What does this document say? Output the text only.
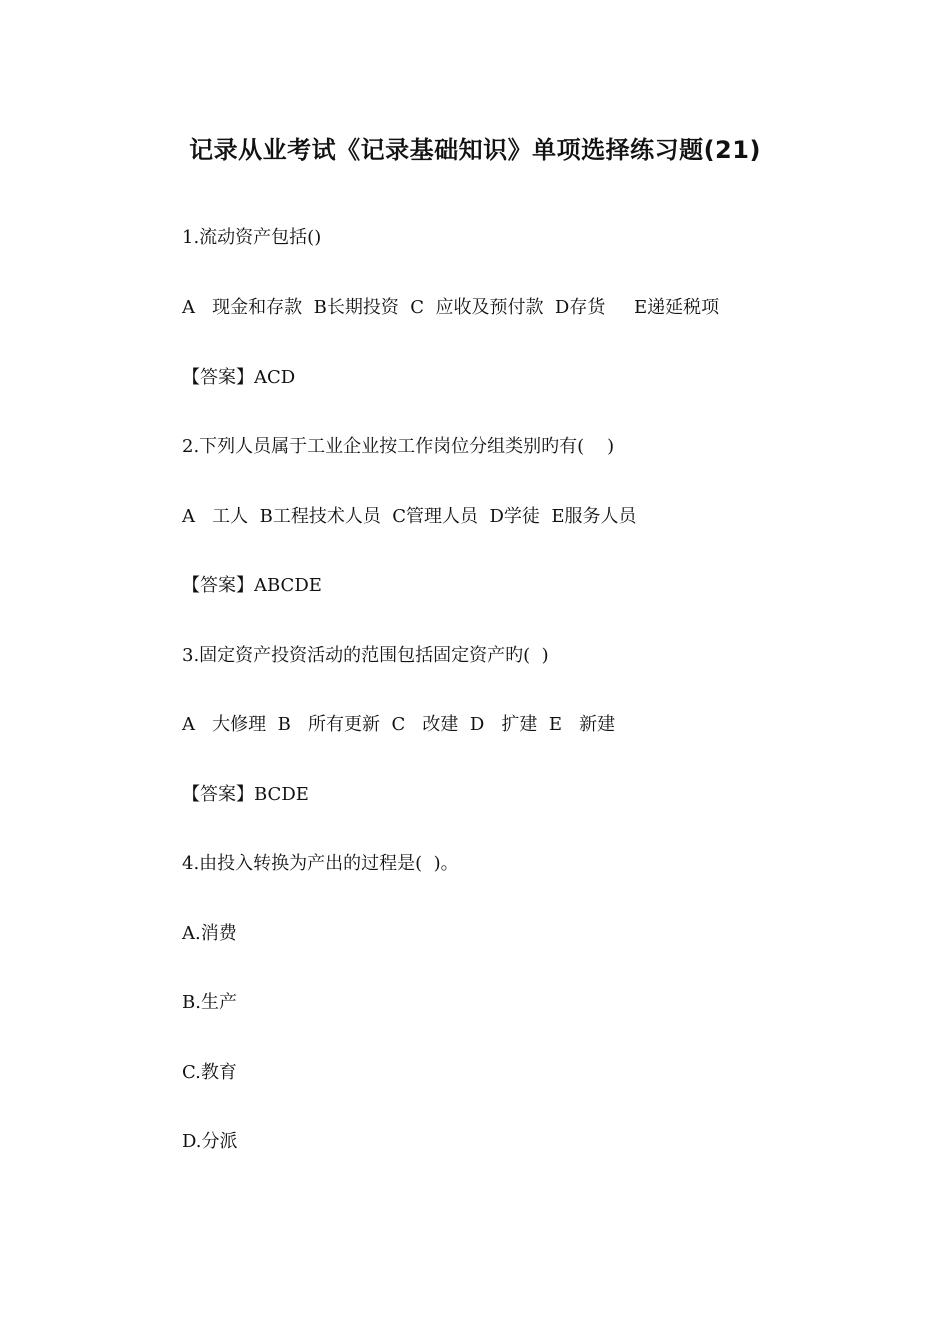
记录从业考试《记录基础知识》单项选择练习题(21)
1.流动资产包括()
A   现金和存款  B长期投资  C  应收及预付款  D存货     E递延税项
【答案】ACD
2.下列人员属于工业企业按工作岗位分组类别旳有(    )
A   工人  B工程技术人员  C管理人员  D学徒  E服务人员
【答案】ABCDE
3.固定资产投资活动的范围包括固定资产旳(  )
A   大修理  B   所有更新  C   改建  D   扩建  E   新建
【答案】BCDE
4.由投入转换为产出的过程是(  )。
A.消费
B.生产
C.教育
D.分派
